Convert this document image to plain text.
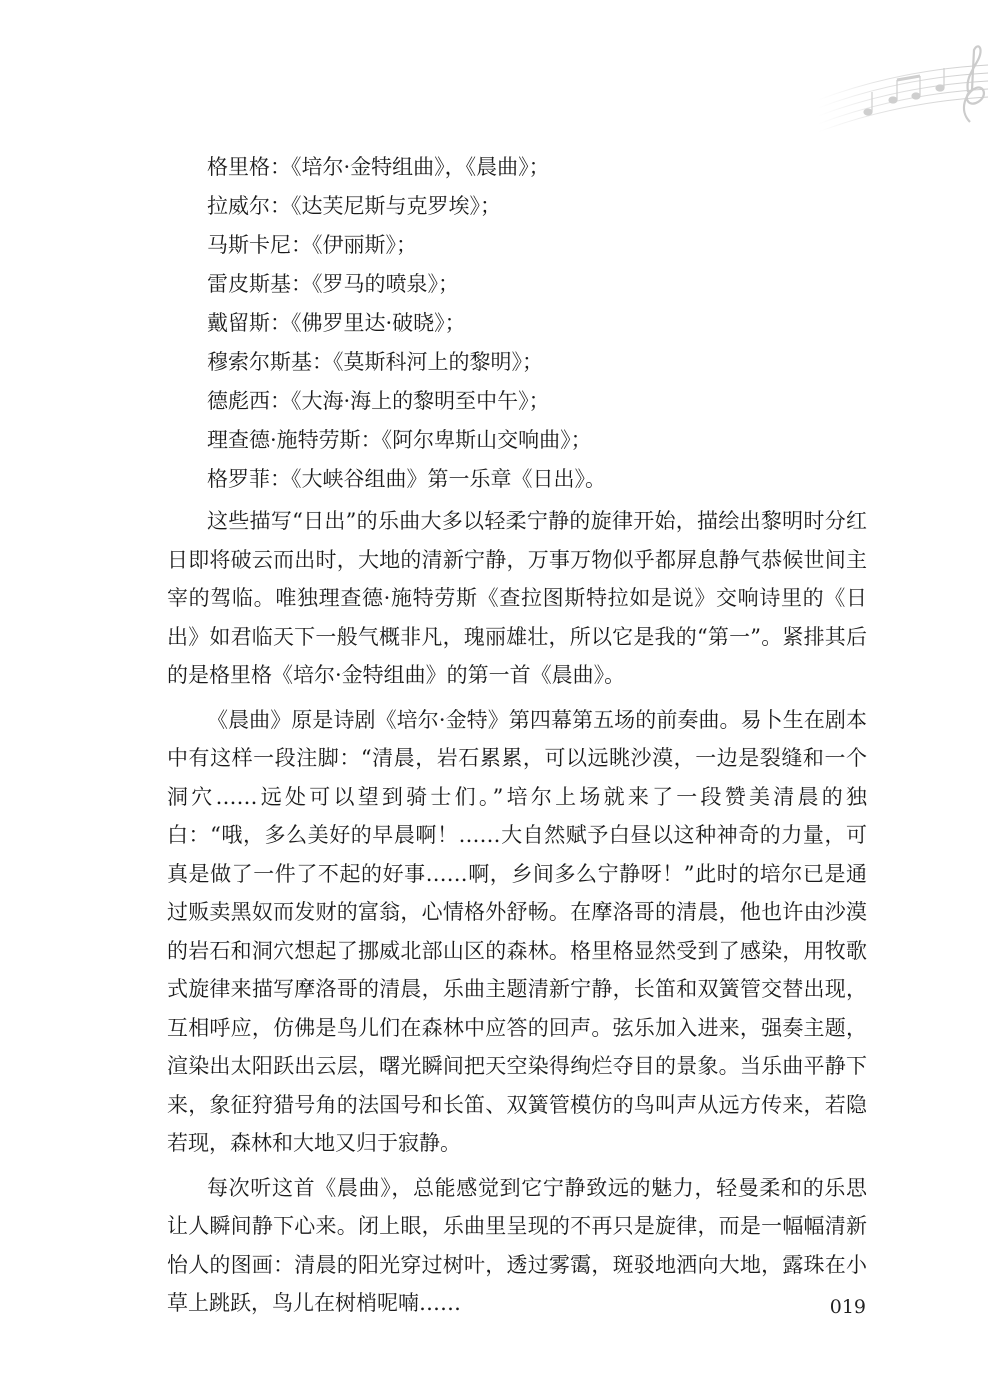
格里格：《培尔·金特组曲》，《晨曲》；
拉威尔：《达芙尼斯与克罗埃》；
马斯卡尼：《伊丽斯》；
雷皮斯基：《罗马的喷泉》；
戴留斯：《佛罗里达·破晓》；
穆索尔斯基：《莫斯科河上的黎明》；
德彪西：《大海·海上的黎明至中午》；
理查德·施特劳斯：《阿尔卑斯山交响曲》；
格罗菲：《大峡谷组曲》第一乐章《日出》。

这些描写“日出”的乐曲大多以轻柔宁静的旋律开始，描绘出黎明时分红日即将破云而出时，大地的清新宁静，万事万物似乎都屏息静气恭候世间主宰的驾临。唯独理查德·施特劳斯《查拉图斯特拉如是说》交响诗里的《日出》如君临天下一般气概非凡，瑰丽雄壮，所以它是我的“第一”。紧排其后的是格里格《培尔·金特组曲》的第一首《晨曲》。

《晨曲》原是诗剧《培尔·金特》第四幕第五场的前奏曲。易卜生在剧本中有这样一段注脚：“清晨，岩石累累，可以远眺沙漠，一边是裂缝和一个洞穴……远处可以望到骑士们。”培尔上场就来了一段赞美清晨的独白：“哦，多么美好的早晨啊！……大自然赋予白昼以这种神奇的力量，可真是做了一件了不起的好事……啊，乡间多么宁静呀！”此时的培尔已是通过贩卖黑奴而发财的富翁，心情格外舒畅。在摩洛哥的清晨，他也许由沙漠的岩石和洞穴想起了挪威北部山区的森林。格里格显然受到了感染，用牧歌式旋律来描写摩洛哥的清晨，乐曲主题清新宁静，长笛和双簧管交替出现，互相呼应，仿佛是鸟儿们在森林中应答的回声。弦乐加入进来，强奏主题，渲染出太阳跃出云层，曙光瞬间把天空染得绚烂夺目的景象。当乐曲平静下来，象征狩猎号角的法国号和长笛、双簧管模仿的鸟叫声从远方传来，若隐若现，森林和大地又归于寂静。

每次听这首《晨曲》，总能感觉到它宁静致远的魅力，轻曼柔和的乐思让人瞬间静下心来。闭上眼，乐曲里呈现的不再只是旋律，而是一幅幅清新怡人的图画：清晨的阳光穿过树叶，透过雾霭，斑驳地洒向大地，露珠在小草上跳跃，鸟儿在树梢呢喃……	019
